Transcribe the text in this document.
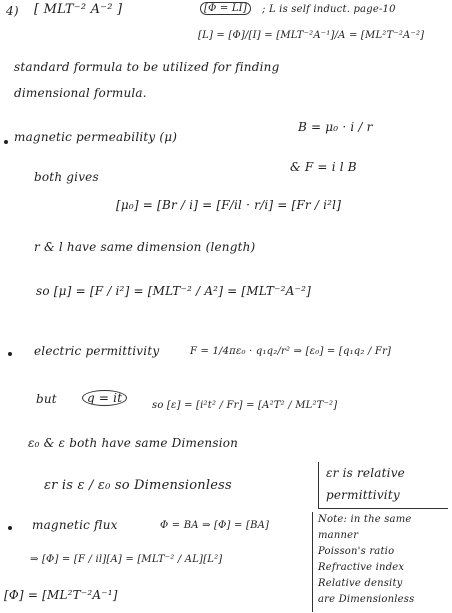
4) [ MLT⁻² A⁻² ]	[Φ = LI]	; L is self induct. page-10
[L] = [Φ]/[I] = [MLT⁻²A⁻¹]/A = [ML²T⁻²A⁻²]
standard formula to be utilized for finding
dimensional formula.
magnetic permeability (μ)
B = μ₀ · i / r
& F = i l B
both gives
[μ₀] = [Br / i] = [F/il · r/i] = [Fr / i²l]
r & l have same dimension (length)
so [μ] = [F / i²] = [MLT⁻² / A²] = [MLT⁻²A⁻²]
electric permittivity	F = 1/4πε₀ · q₁q₂/r² ⇒ [ε₀] = [q₁q₂ / Fr]
but	q = it
so [ε] = [i²t² / Fr] = [A²T² / ML²T⁻²]
ε₀ & ε both have same Dimension
εr is ε / ε₀ so Dimensionless
εr is relative
permittivity
magnetic flux	Φ = BA ⇒ [Φ] = [BA]
⇒ [Φ] = [F / il][A] = [MLT⁻² / AL][L²]
[Φ] = [ML²T⁻²A⁻¹]
Note: in the same
manner
Poisson's ratio
Refractive index
Relative density
are Dimensionless
